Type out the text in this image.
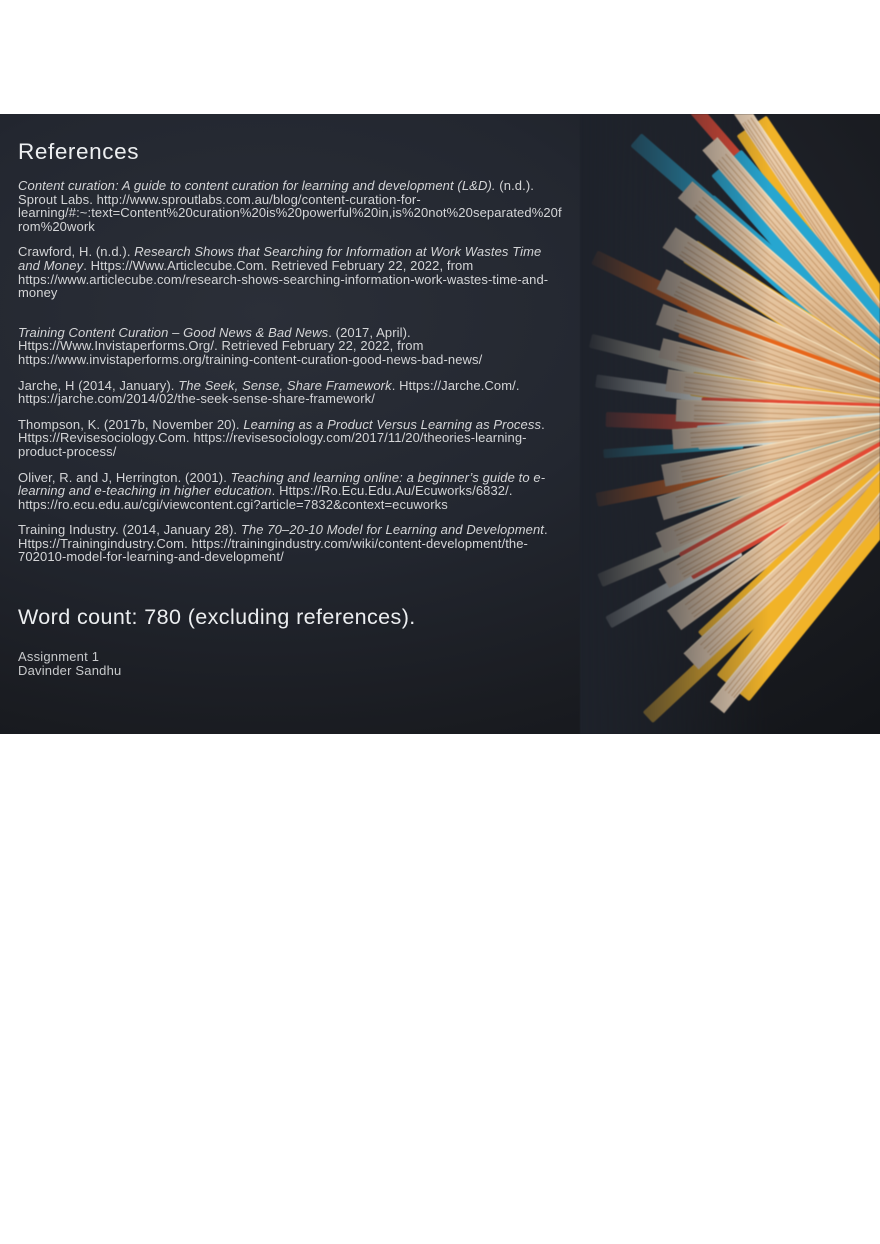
References

Content curation: A guide to content curation for learning and development (L&D). (n.d.). Sprout Labs. http://www.sproutlabs.com.au/blog/content-curation-for-learning/#:~:text=Content%20curation%20is%20powerful%20in,is%20not%20separated%20from%20work

Crawford, H. (n.d.). Research Shows that Searching for Information at Work Wastes Time and Money. Https://Www.Articlecube.Com. Retrieved February 22, 2022, from https://www.articlecube.com/research-shows-searching-information-work-wastes-time-and-money

Training Content Curation – Good News & Bad News. (2017, April). Https://Www.Invistaperforms.Org/. Retrieved February 22, 2022, from https://www.invistaperforms.org/training-content-curation-good-news-bad-news/

Jarche, H (2014, January). The Seek, Sense, Share Framework. Https://Jarche.Com/. https://jarche.com/2014/02/the-seek-sense-share-framework/

Thompson, K. (2017b, November 20). Learning as a Product Versus Learning as Process. Https://Revisesociology.Com. https://revisesociology.com/2017/11/20/theories-learning-product-process/

Oliver, R. and J, Herrington. (2001). Teaching and learning online: a beginner’s guide to e-learning and e-teaching in higher education. Https://Ro.Ecu.Edu.Au/Ecuworks/6832/. https://ro.ecu.edu.au/cgi/viewcontent.cgi?article=7832&context=ecuworks

Training Industry. (2014, January 28). The 70–20-10 Model for Learning and Development. Https://Trainingindustry.Com. https://trainingindustry.com/wiki/content-development/the-702010-model-for-learning-and-development/

Word count: 780 (excluding references).

Assignment 1
Davinder Sandhu
